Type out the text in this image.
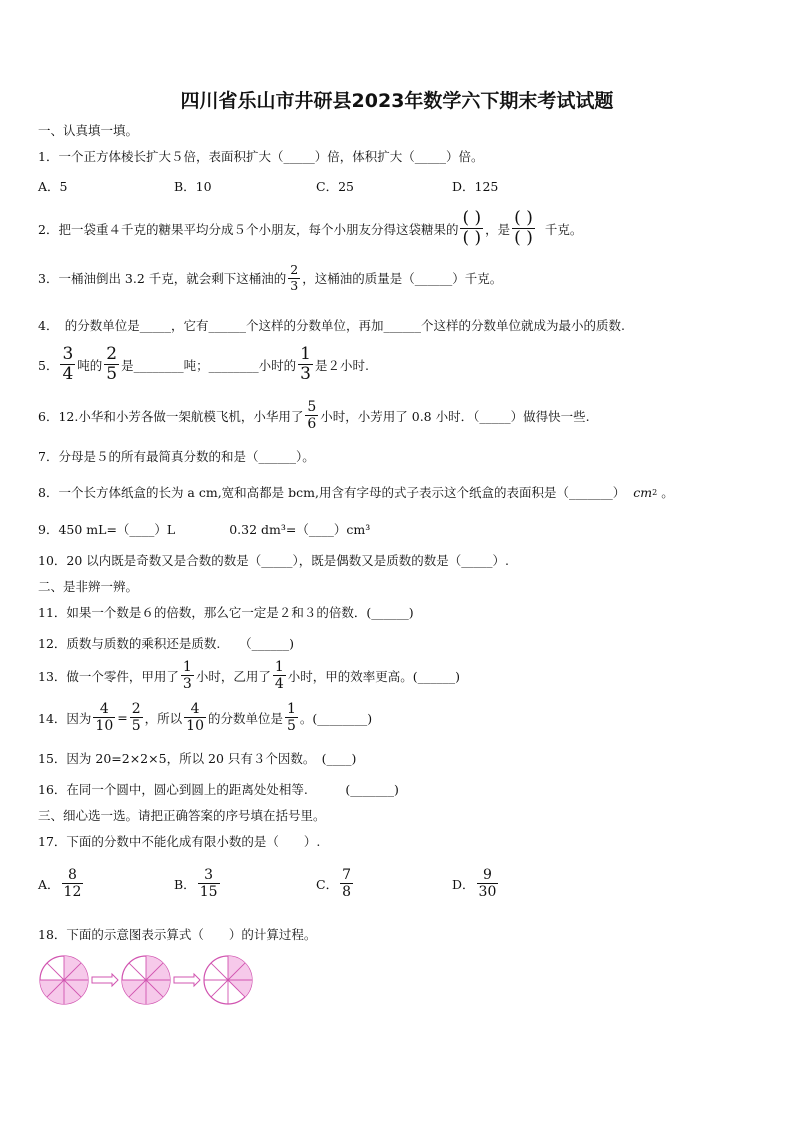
四川省乐山市井研县2023年数学六下期末考试试题
一、认真填一填。
1．一个正方体棱长扩大５倍，表面积扩大（_____）倍，体积扩大（_____）倍。
A．5	B．10	C．25	D．125
2．把一袋重４千克的糖果平均分成５个小朋友，每个小朋友分得这袋糖果的 $\frac{( )}{( )}$ ，是 $\frac{( )}{( )}$ 千克。
3．一桶油倒出 3.2 千克，就会剩下这桶油的 $\frac{2}{3}$ ，这桶油的质量是（______）千克。
4．　的分数单位是_____，它有______个这样的分数单位，再加______个这样的分数单位就成为最小的质数.
5． $\frac{3}{4}$ 吨的 $\frac{2}{5}$ 是________吨；________小时的 $\frac{1}{3}$ 是２小时.
6．12.小华和小芳各做一架航模飞机，小华用了 $\frac{5}{6}$ 小时，小芳用了 0.8 小时．（_____）做得快一些.
7．分母是５的所有最简真分数的和是（______）。
8．一个长方体纸盒的长为 a cm,宽和高都是 bcm,用含有字母的式子表示这个纸盒的表面积是（_______） cm 2 。
9．450 mL=（____）L	0.32 dm³=（____）cm³
10．20 以内既是奇数又是合数的数是（_____），既是偶数又是质数的数是（_____）.
二、是非辨一辨。
11．如果一个数是６的倍数，那么它一定是２和３的倍数．(______)
12．质数与质数的乘积还是质数.　　（______)
13．做一个零件，甲用了 $\frac{1}{3}$ 小时，乙用了 $\frac{1}{4}$ 小时，甲的效率更高。(______)
14．因为 $\frac{4}{10} = \frac{2}{5}$ ，所以 $\frac{4}{10}$ 的分数单位是 $\frac{1}{5}$ 。(________)
15．因为 20=2×2×5，所以 20 只有３个因数。　(____)
16．在同一个圆中，圆心到圆上的距离处处相等.　　　(_______)
三、细心选一选。请把正确答案的序号填在括号里。
17．下面的分数中不能化成有限小数的是（　　）.
A． $\frac{8}{12}$	B． $\frac{3}{15}$	C． $\frac{7}{8}$	D． $\frac{9}{30}$
18．下面的示意图表示算式（　　）的计算过程。
